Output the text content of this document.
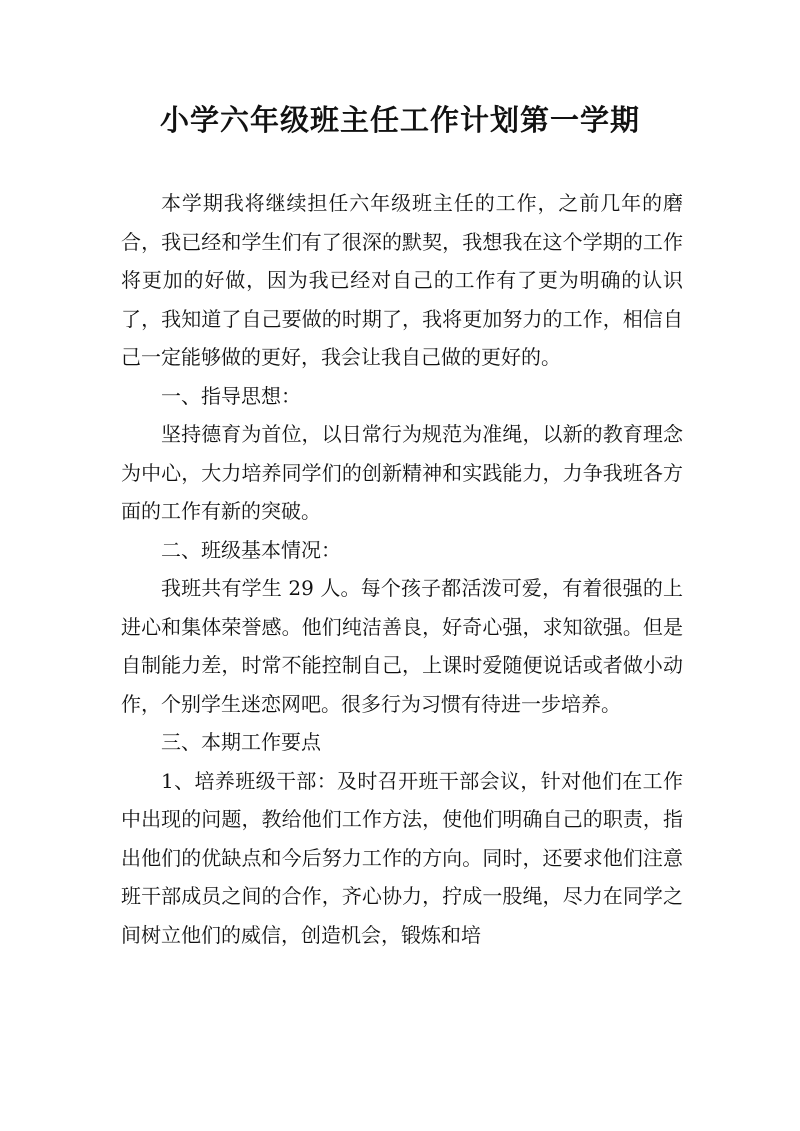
小学六年级班主任工作计划第一学期

本学期我将继续担任六年级班主任的工作，之前几年的磨合，我已经和学生们有了很深的默契，我想我在这个学期的工作将更加的好做，因为我已经对自己的工作有了更为明确的认识了，我知道了自己要做的时期了，我将更加努力的工作，相信自己一定能够做的更好，我会让我自己做的更好的。

一、指导思想：

坚持德育为首位，以日常行为规范为准绳，以新的教育理念为中心，大力培养同学们的创新精神和实践能力，力争我班各方面的工作有新的突破。

二、班级基本情况：

我班共有学生 29 人。每个孩子都活泼可爱，有着很强的上进心和集体荣誉感。他们纯洁善良，好奇心强，求知欲强。但是自制能力差，时常不能控制自己，上课时爱随便说话或者做小动作，个别学生迷恋网吧。很多行为习惯有待进一步培养。

三、本期工作要点

1、培养班级干部：及时召开班干部会议，针对他们在工作中出现的问题，教给他们工作方法，使他们明确自己的职责，指出他们的优缺点和今后努力工作的方向。同时，还要求他们注意班干部成员之间的合作，齐心协力，拧成一股绳，尽力在同学之间树立他们的威信，创造机会，锻炼和培
